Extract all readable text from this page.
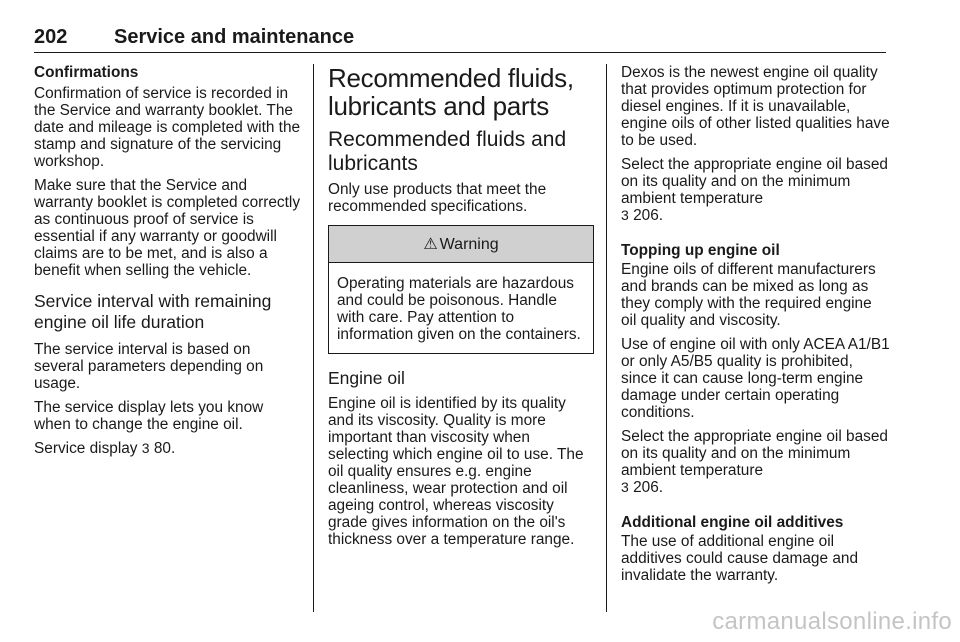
202 Service and maintenance
Confirmations

Confirmation of service is recorded in the Service and warranty booklet. The date and mileage is completed with the stamp and signature of the servicing workshop.

Make sure that the Service and warranty booklet is completed correctly as continuous proof of service is essential if any warranty or goodwill claims are to be met, and is also a benefit when selling the vehicle.

Service interval with remaining engine oil life duration

The service interval is based on several parameters depending on usage.

The service display lets you know when to change the engine oil.

Service display 3 80.

Recommended fluids, lubricants and parts
Recommended fluids and lubricants

Only use products that meet the recommended specifications.

⚠ Warning
Operating materials are hazardous and could be poisonous. Handle with care. Pay attention to information given on the containers.
Engine oil

Engine oil is identified by its quality and its viscosity. Quality is more important than viscosity when selecting which engine oil to use. The oil quality ensures e.g. engine cleanliness, wear protection and oil ageing control, whereas viscosity grade gives information on the oil's thickness over a temperature range.

Dexos is the newest engine oil quality that provides optimum protection for diesel engines. If it is unavailable, engine oils of other listed qualities have to be used.

Select the appropriate engine oil based on its quality and on the minimum ambient temperature
3 206.

Topping up engine oil

Engine oils of different manufacturers and brands can be mixed as long as they comply with the required engine oil quality and viscosity.

Use of engine oil with only ACEA A1/B1 or only A5/B5 quality is prohibited, since it can cause long-term engine damage under certain operating conditions.

Select the appropriate engine oil based on its quality and on the minimum ambient temperature
3 206.

Additional engine oil additives

The use of additional engine oil additives could cause damage and invalidate the warranty.

carmanualsonline.info
